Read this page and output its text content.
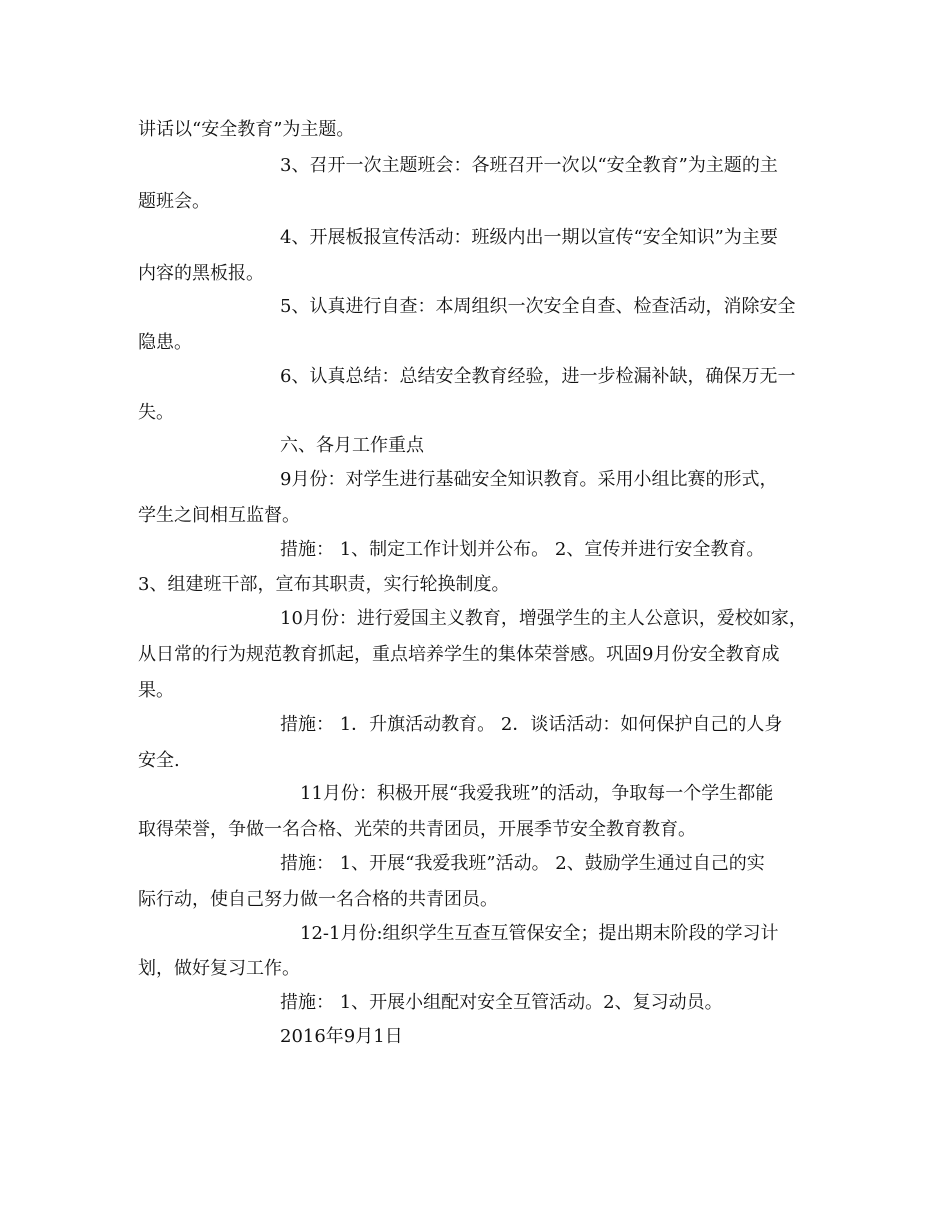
讲话以“安全教育”为主题。

3、召开一次主题班会：各班召开一次以“安全教育”为主题的主

题班会。

4、开展板报宣传活动：班级内出一期以宣传“安全知识”为主要

内容的黑板报。

5、认真进行自查：本周组织一次安全自查、检查活动，消除安全

隐患。

6、认真总结：总结安全教育经验，进一步检漏补缺，确保万无一

失。

六、各月工作重点

9月份：对学生进行基础安全知识教育。采用小组比赛的形式，

学生之间相互监督。

措施： 1、制定工作计划并公布。 2、宣传并进行安全教育。

3、组建班干部，宣布其职责，实行轮换制度。

10月份：进行爱国主义教育，增强学生的主人公意识，爱校如家，

从日常的行为规范教育抓起，重点培养学生的集体荣誉感。巩固9月份安全教育成

果。

措施： 1．升旗活动教育。 2．谈话活动：如何保护自己的人身

安全.

11月份：积极开展“我爱我班”的活动，争取每一个学生都能

取得荣誉，争做一名合格、光荣的共青团员，开展季节安全教育教育。

措施： 1、开展“我爱我班”活动。 2、鼓励学生通过自己的实

际行动，使自己努力做一名合格的共青团员。

12-1月份:组织学生互查互管保安全；提出期末阶段的学习计

划，做好复习工作。

措施： 1、开展小组配对安全互管活动。2、复习动员。

2016年9月1日
